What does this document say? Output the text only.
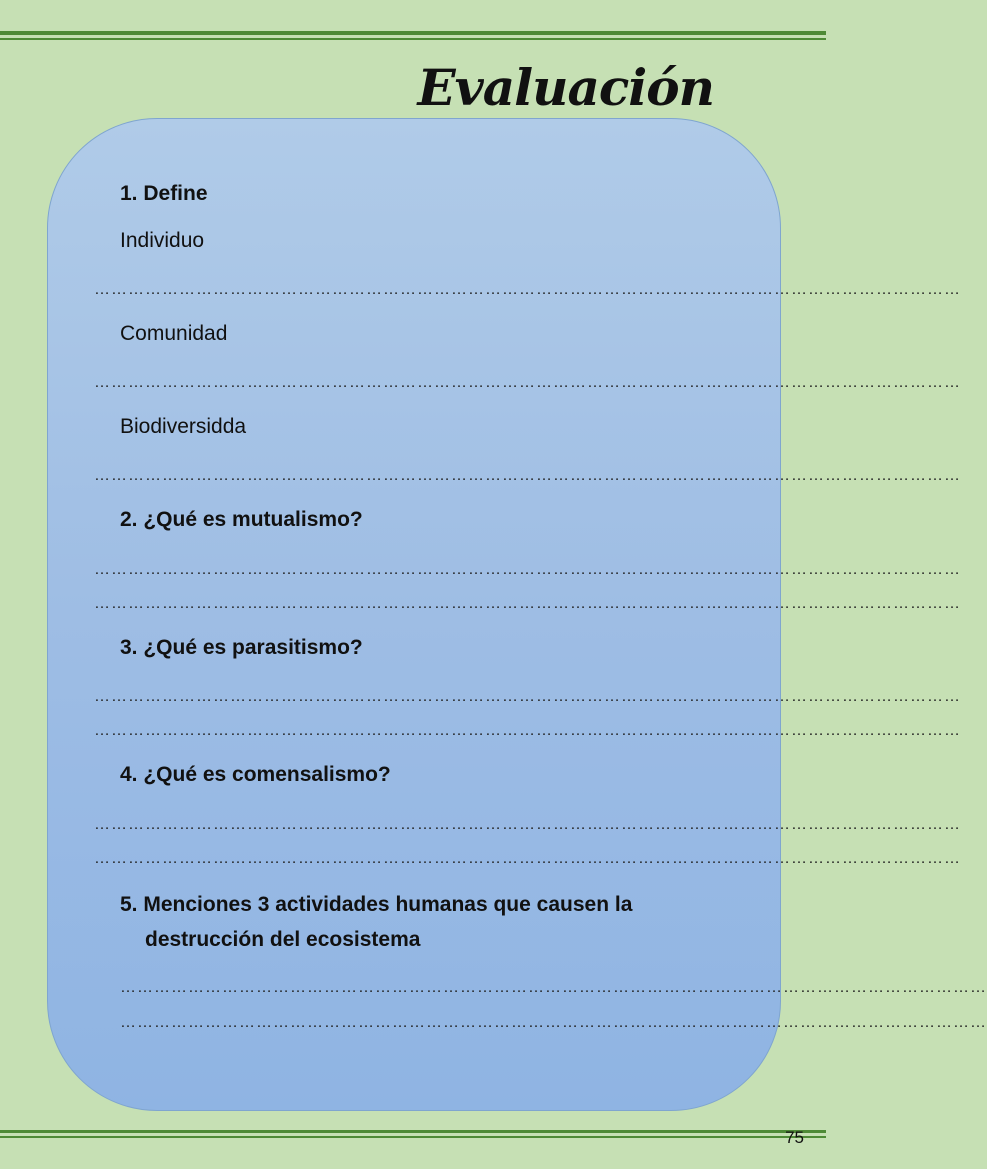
Evaluación
1. Define
Individuo
………………………………………………………………………………………………………………………………………
Comunidad
………………………………………………………………………………………………………………………………………
Biodiversidda
………………………………………………………………………………………………………………………………………
2. ¿Qué es mutualismo?
………………………………………………………………………………………………………………………………………
………………………………………………………………………………………………………………………………………
3. ¿Qué es parasitismo?
………………………………………………………………………………………………………………………………………
………………………………………………………………………………………………………………………………………
4. ¿Qué es comensalismo?
………………………………………………………………………………………………………………………………………
………………………………………………………………………………………………………………………………………
5. Menciones 3 actividades humanas que causen la
destrucción del ecosistema
………………………………………………………………………………………………………………………………………
………………………………………………………………………………………………………………………………………
75
